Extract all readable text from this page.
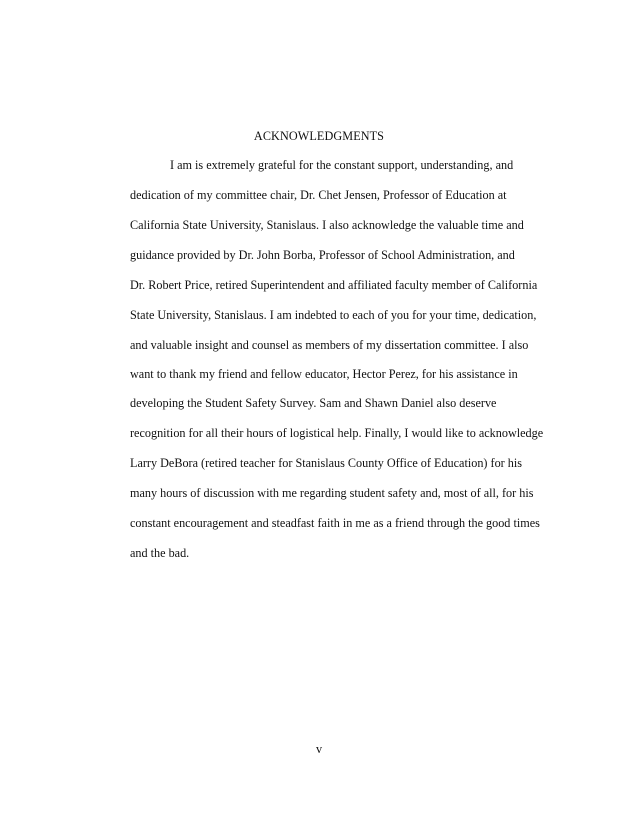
ACKNOWLEDGMENTS
I am is extremely grateful for the constant support, understanding, and
dedication of my committee chair, Dr. Chet Jensen, Professor of Education at
California State University, Stanislaus. I also acknowledge the valuable time and
guidance provided by Dr. John Borba, Professor of School Administration, and
Dr. Robert Price, retired Superintendent and affiliated faculty member of California
State University, Stanislaus. I am indebted to each of you for your time, dedication,
and valuable insight and counsel as members of my dissertation committee. I also
want to thank my friend and fellow educator, Hector Perez, for his assistance in
developing the Student Safety Survey. Sam and Shawn Daniel also deserve
recognition for all their hours of logistical help. Finally, I would like to acknowledge
Larry DeBora (retired teacher for Stanislaus County Office of Education) for his
many hours of discussion with me regarding student safety and, most of all, for his
constant encouragement and steadfast faith in me as a friend through the good times
and the bad.
v
